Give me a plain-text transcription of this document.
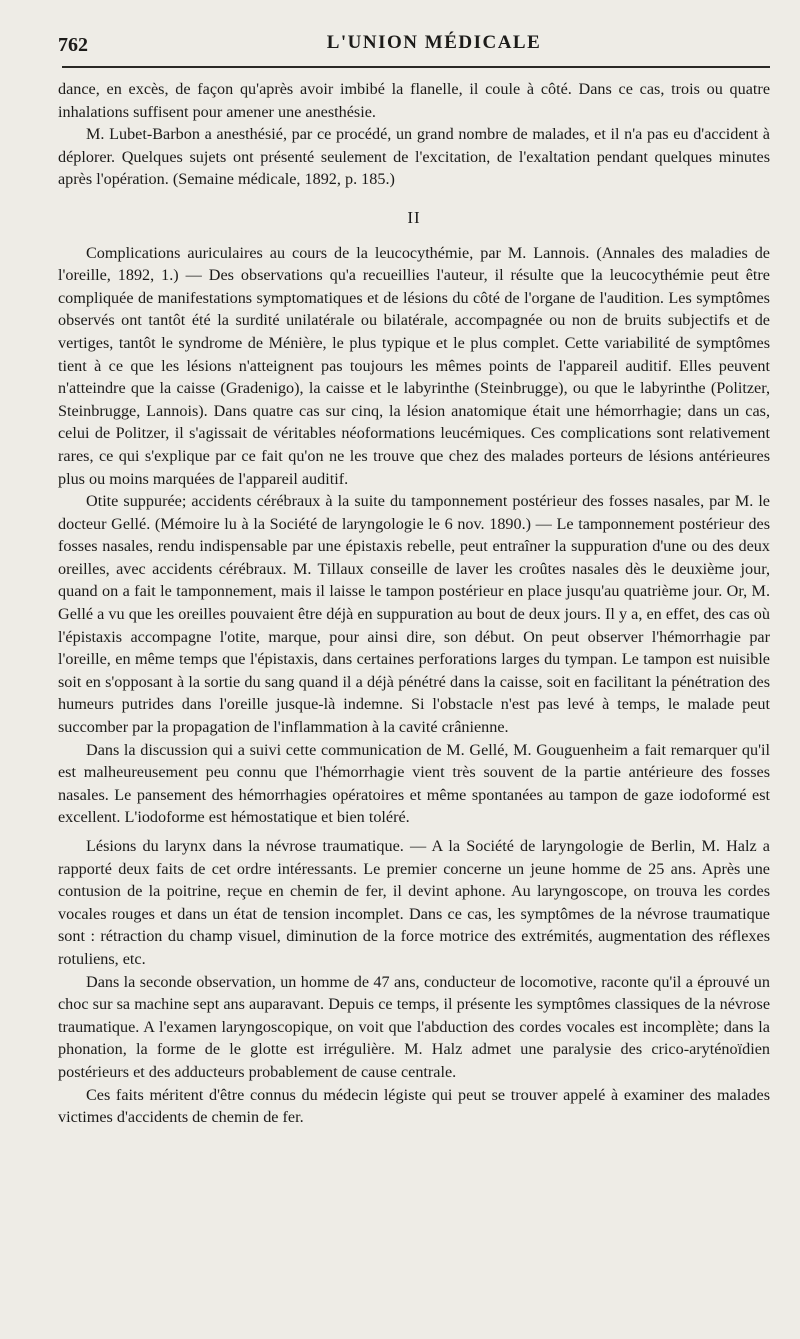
762	L'UNION MÉDICALE

dance, en excès, de façon qu'après avoir imbibé la flanelle, il coule à côté. Dans ce cas, trois ou quatre inhalations suffisent pour amener une anesthésie.

M. Lubet-Barbon a anesthésié, par ce procédé, un grand nombre de malades, et il n'a pas eu d'accident à déplorer. Quelques sujets ont présenté seulement de l'excitation, de l'exaltation pendant quelques minutes après l'opération. (Semaine médicale, 1892, p. 185.)

II

Complications auriculaires au cours de la leucocythémie, par M. Lannois. (Annales des maladies de l'oreille, 1892, 1.) — Des observations qu'a recueillies l'auteur, il résulte que la leucocythémie peut être compliquée de manifestations symptomatiques et de lésions du côté de l'organe de l'audition. Les symptômes observés ont tantôt été la surdité unilatérale ou bilatérale, accompagnée ou non de bruits subjectifs et de vertiges, tantôt le syndrome de Ménière, le plus typique et le plus complet. Cette variabilité de symptômes tient à ce que les lésions n'atteignent pas toujours les mêmes points de l'appareil auditif. Elles peuvent n'atteindre que la caisse (Gradenigo), la caisse et le labyrinthe (Steinbrugge), ou que le labyrinthe (Politzer, Steinbrugge, Lannois). Dans quatre cas sur cinq, la lésion anatomique était une hémorrhagie; dans un cas, celui de Politzer, il s'agissait de véritables néoformations leucémiques. Ces complications sont relativement rares, ce qui s'explique par ce fait qu'on ne les trouve que chez des malades porteurs de lésions antérieures plus ou moins marquées de l'appareil auditif.

Otite suppurée; accidents cérébraux à la suite du tamponnement postérieur des fosses nasales, par M. le docteur Gellé. (Mémoire lu à la Société de laryngologie le 6 nov. 1890.) — Le tamponnement postérieur des fosses nasales, rendu indispensable par une épistaxis rebelle, peut entraîner la suppuration d'une ou des deux oreilles, avec accidents cérébraux. M. Tillaux conseille de laver les croûtes nasales dès le deuxième jour, quand on a fait le tamponnement, mais il laisse le tampon postérieur en place jusqu'au quatrième jour. Or, M. Gellé a vu que les oreilles pouvaient être déjà en suppuration au bout de deux jours. Il y a, en effet, des cas où l'épistaxis accompagne l'otite, marque, pour ainsi dire, son début. On peut observer l'hémorrhagie par l'oreille, en même temps que l'épistaxis, dans certaines perforations larges du tympan. Le tampon est nuisible soit en s'opposant à la sortie du sang quand il a déjà pénétré dans la caisse, soit en facilitant la pénétration des humeurs putrides dans l'oreille jusque-là indemne. Si l'obstacle n'est pas levé à temps, le malade peut succomber par la propagation de l'inflammation à la cavité crânienne.

Dans la discussion qui a suivi cette communication de M. Gellé, M. Gouguenheim a fait remarquer qu'il est malheureusement peu connu que l'hémorrhagie vient très souvent de la partie antérieure des fosses nasales. Le pansement des hémorrhagies opératoires et même spontanées au tampon de gaze iodoformé est excellent. L'iodoforme est hémostatique et bien toléré.

Lésions du larynx dans la névrose traumatique. — A la Société de laryngologie de Berlin, M. Halz a rapporté deux faits de cet ordre intéressants. Le premier concerne un jeune homme de 25 ans. Après une contusion de la poitrine, reçue en chemin de fer, il devint aphone. Au laryngoscope, on trouva les cordes vocales rouges et dans un état de tension incomplet. Dans ce cas, les symptômes de la névrose traumatique sont : rétraction du champ visuel, diminution de la force motrice des extrémités, augmentation des réflexes rotuliens, etc.

Dans la seconde observation, un homme de 47 ans, conducteur de locomotive, raconte qu'il a éprouvé un choc sur sa machine sept ans auparavant. Depuis ce temps, il présente les symptômes classiques de la névrose traumatique. A l'examen laryngoscopique, on voit que l'abduction des cordes vocales est incomplète; dans la phonation, la forme de le glotte est irrégulière. M. Halz admet une paralysie des crico-aryténoïdien postérieurs et des adducteurs probablement de cause centrale.

Ces faits méritent d'être connus du médecin légiste qui peut se trouver appelé à examiner des malades victimes d'accidents de chemin de fer.
